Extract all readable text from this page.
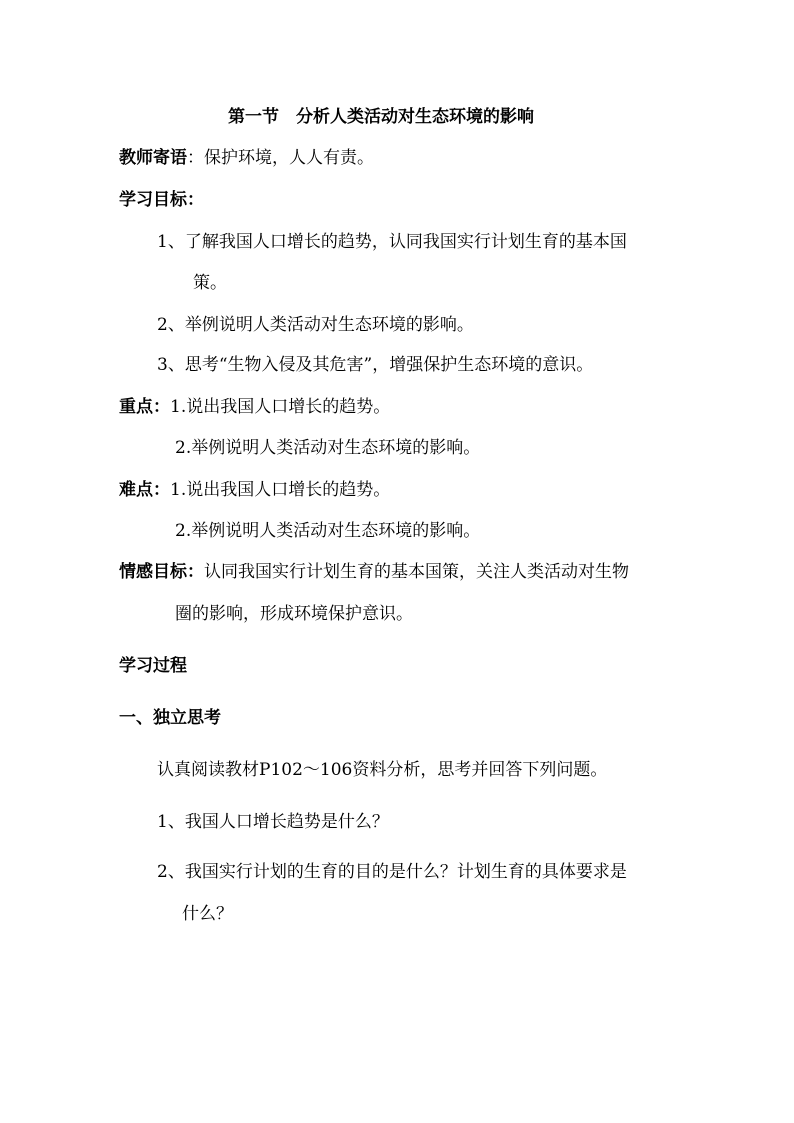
第一节　分析人类活动对生态环境的影响
教师寄语：保护环境，人人有责。
学习目标：
1、了解我国人口增长的趋势，认同我国实行计划生育的基本国
策。
2、举例说明人类活动对生态环境的影响。
3、思考“生物入侵及其危害”，增强保护生态环境的意识。
重点：1.说出我国人口增长的趋势。
2.举例说明人类活动对生态环境的影响。
难点：1.说出我国人口增长的趋势。
2.举例说明人类活动对生态环境的影响。
情感目标：认同我国实行计划生育的基本国策，关注人类活动对生物
圈的影响，形成环境保护意识。
学习过程
一、独立思考
认真阅读教材P102～106资料分析，思考并回答下列问题。
1、我国人口增长趋势是什么？
2、我国实行计划的生育的目的是什么？计划生育的具体要求是
什么？
